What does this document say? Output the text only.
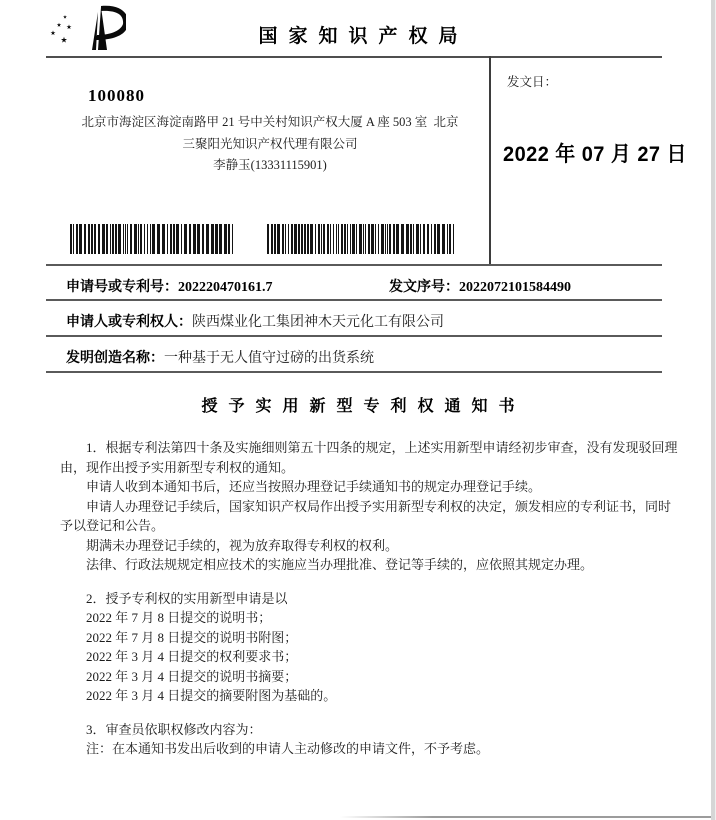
国家知识产权局
发文日：
2022 年 07 月 27 日
100080
北京市海淀区海淀南路甲 21 号中关村知识产权大厦 A 座 503 室  北京
三聚阳光知识产权代理有限公司
李静玉(13331115901)
申请号或专利号：202220470161.7	发文序号：2022072101584490
申请人或专利权人：陕西煤业化工集团神木天元化工有限公司
发明创造名称：一种基于无人值守过磅的出货系统
授予实用新型专利权通知书

1．根据专利法第四十条及实施细则第五十四条的规定，上述实用新型申请经初步审查，没有发现驳回理由，现作出授予实用新型专利权的通知。

申请人收到本通知书后，还应当按照办理登记手续通知书的规定办理登记手续。

申请人办理登记手续后，国家知识产权局作出授予实用新型专利权的决定，颁发相应的专利证书，同时予以登记和公告。

期满未办理登记手续的，视为放弃取得专利权的权利。

法律、行政法规规定相应技术的实施应当办理批准、登记等手续的，应依照其规定办理。

2．授予专利权的实用新型申请是以
2022 年 7 月 8 日提交的说明书；
2022 年 7 月 8 日提交的说明书附图；
2022 年 3 月 4 日提交的权利要求书；
2022 年 3 月 4 日提交的说明书摘要；
2022 年 3 月 4 日提交的摘要附图为基础的。
3．审查员依职权修改内容为：
注：在本通知书发出后收到的申请人主动修改的申请文件，不予考虑。
